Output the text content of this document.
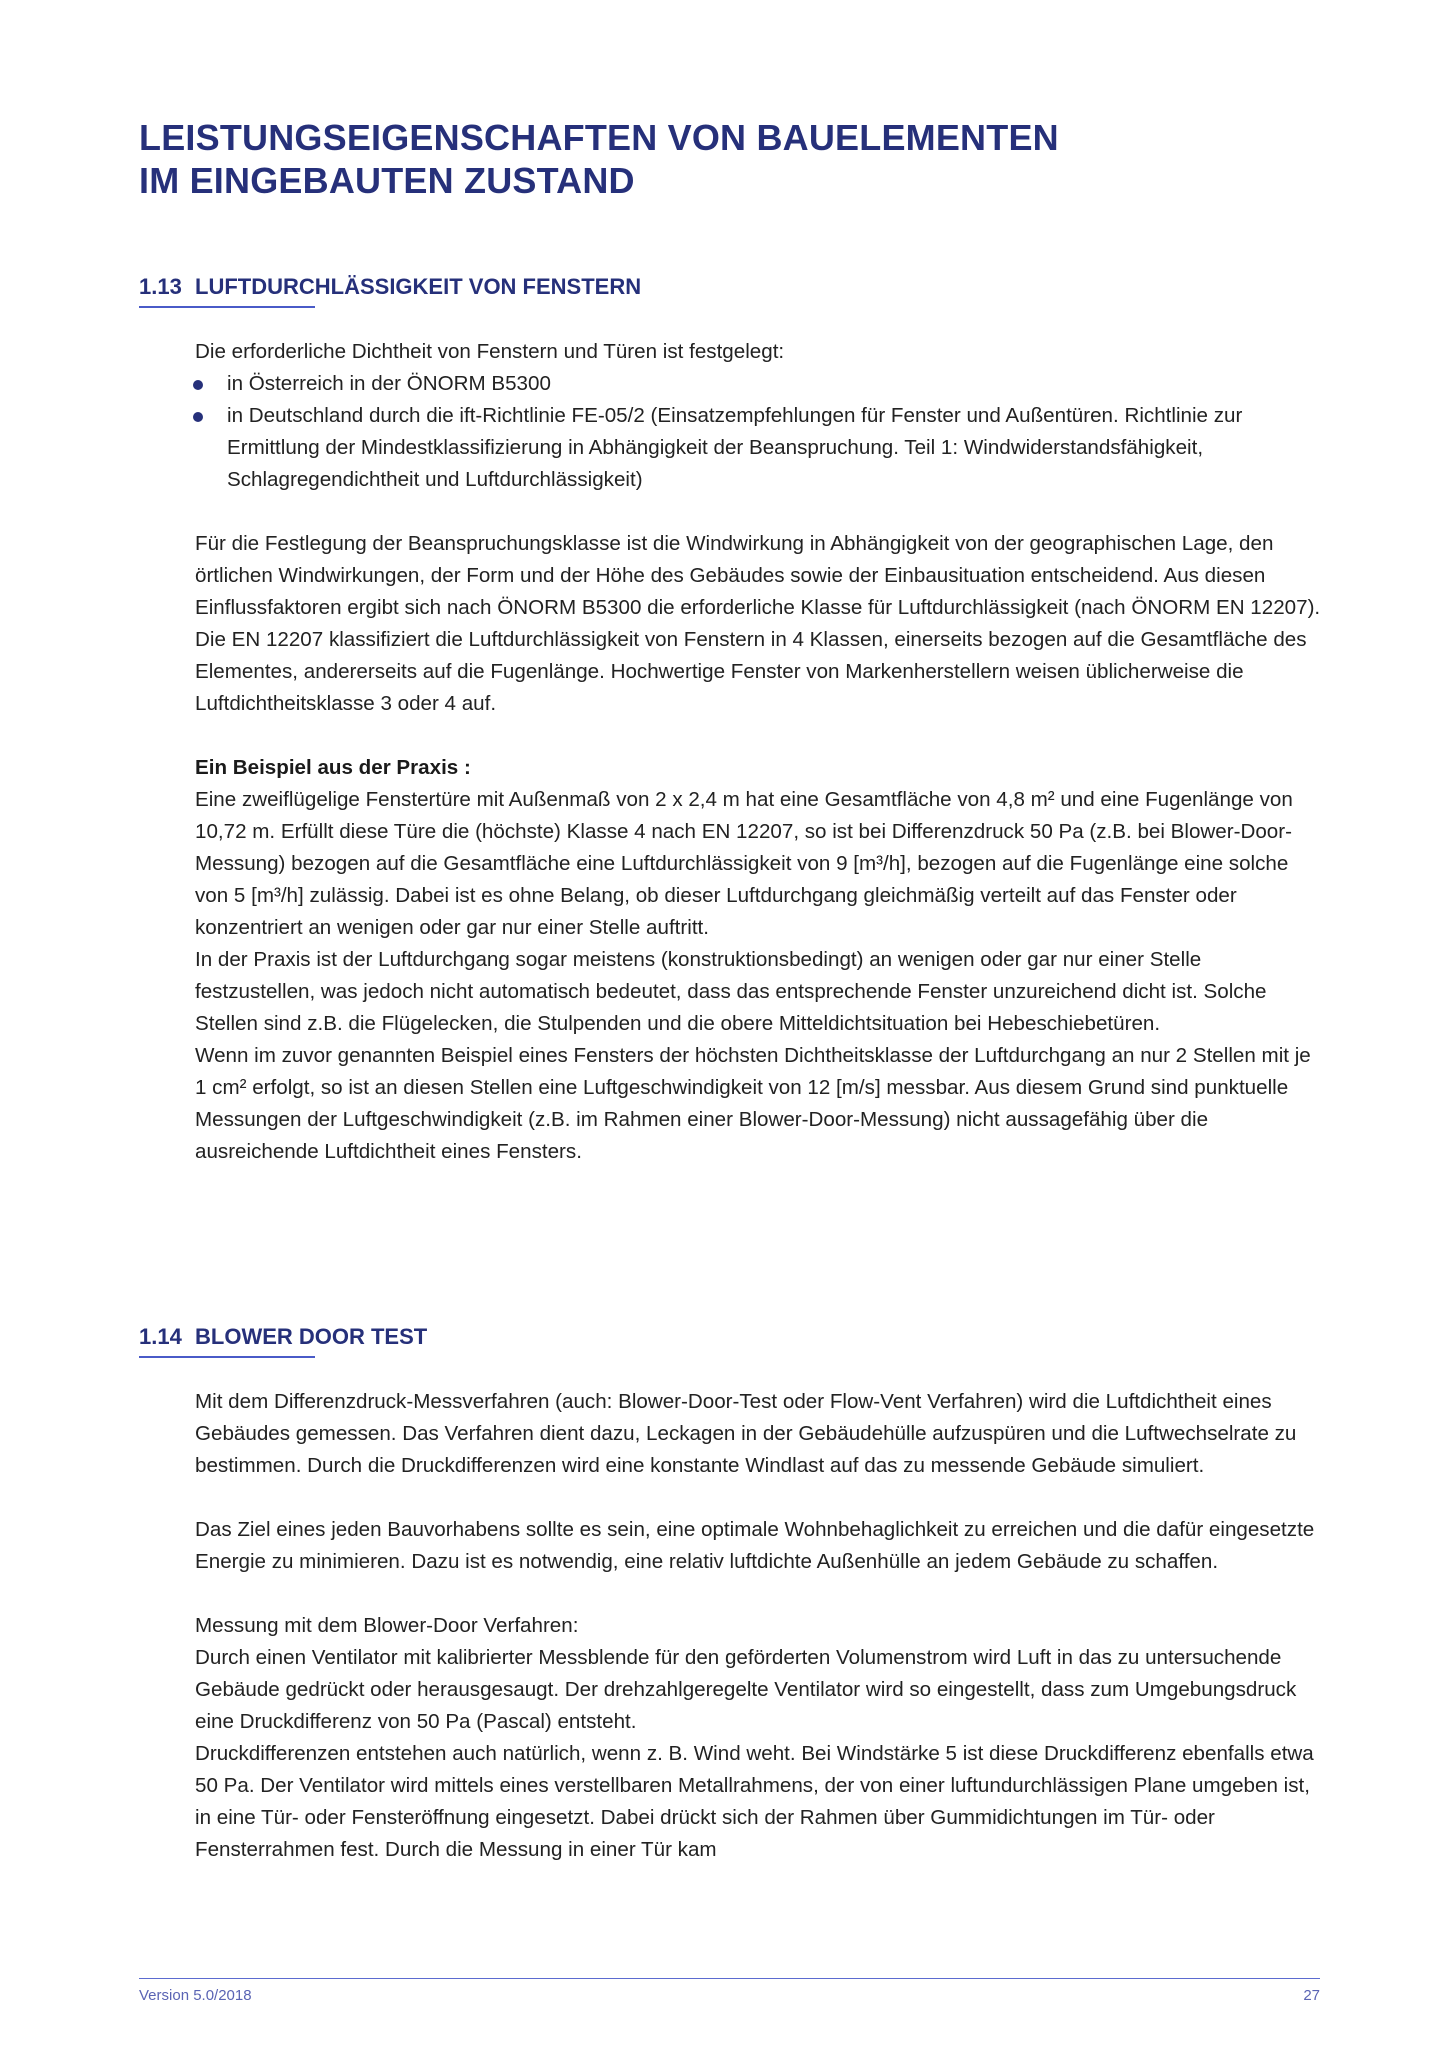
LEISTUNGSEIGENSCHAFTEN VON BAUELEMENTEN
IM EINGEBAUTEN ZUSTAND
1.13 LUFTDURCHLÄSSIGKEIT VON FENSTERN

Die erforderliche Dichtheit von Fenstern und Türen ist festgelegt:

in Österreich in der ÖNORM B5300
in Deutschland durch die ift-Richtlinie FE-05/2 (Einsatzempfehlungen für Fenster und Außentüren. Richtlinie zur Ermittlung der Mindestklassifizierung in Abhängigkeit der Beanspruchung. Teil 1: Windwiderstandsfähigkeit, Schlagregendichtheit und Luftdurchlässigkeit)

Für die Festlegung der Beanspruchungsklasse ist die Windwirkung in Abhängigkeit von der geographischen Lage, den örtlichen Windwirkungen, der Form und der Höhe des Gebäudes sowie der Einbausituation entscheidend. Aus diesen Einflussfaktoren ergibt sich nach ÖNORM B5300 die erforderliche Klasse für Luftdurchlässigkeit (nach ÖNORM EN 12207). Die EN 12207 klassifiziert die Luftdurchlässigkeit von Fenstern in 4 Klassen, einerseits bezogen auf die Gesamtfläche des Elementes, andererseits auf die Fugenlänge. Hochwertige Fenster von Markenherstellern weisen üblicherweise die Luftdichtheitsklasse 3 oder 4 auf.

Ein Beispiel aus der Praxis :

Eine zweiflügelige Fenstertüre mit Außenmaß von 2 x 2,4 m hat eine Gesamtfläche von 4,8 m² und eine Fugenlänge von 10,72 m. Erfüllt diese Türe die (höchste) Klasse 4 nach EN 12207, so ist bei Differenzdruck 50 Pa (z.B. bei Blower-Door-Messung) bezogen auf die Gesamtfläche eine Luftdurchlässigkeit von 9 [m³/h], bezogen auf die Fugenlänge eine solche von 5 [m³/h] zulässig. Dabei ist es ohne Belang, ob dieser Luftdurchgang gleichmäßig verteilt auf das Fenster oder konzentriert an wenigen oder gar nur einer Stelle auftritt.

In der Praxis ist der Luftdurchgang sogar meistens (konstruktionsbedingt) an wenigen oder gar nur einer Stelle festzustellen, was jedoch nicht automatisch bedeutet, dass das entsprechende Fenster unzureichend dicht ist. Solche Stellen sind z.B. die Flügelecken, die Stulpenden und die obere Mitteldichtsituation bei Hebeschiebetüren.

Wenn im zuvor genannten Beispiel eines Fensters der höchsten Dichtheitsklasse der Luftdurchgang an nur 2 Stellen mit je 1 cm² erfolgt, so ist an diesen Stellen eine Luftgeschwindigkeit von 12 [m/s] messbar. Aus diesem Grund sind punktuelle Messungen der Luftgeschwindigkeit (z.B. im Rahmen einer Blower-Door-Messung) nicht aussagefähig über die ausreichende Luftdichtheit eines Fensters.

1.14 BLOWER DOOR TEST

Mit dem Differenzdruck-Messverfahren (auch: Blower-Door-Test oder Flow-Vent Verfahren) wird die Luftdichtheit eines Gebäudes gemessen. Das Verfahren dient dazu, Leckagen in der Gebäudehülle aufzuspüren und die Luftwechselrate zu bestimmen. Durch die Druckdifferenzen wird eine konstante Windlast auf das zu messende Gebäude simuliert.

Das Ziel eines jeden Bauvorhabens sollte es sein, eine optimale Wohnbehaglichkeit zu erreichen und die dafür eingesetzte Energie zu minimieren. Dazu ist es notwendig, eine relativ luftdichte Außenhülle an jedem Gebäude zu schaffen.

Messung mit dem Blower-Door Verfahren:

Durch einen Ventilator mit kalibrierter Messblende für den geförderten Volumenstrom wird Luft in das zu untersuchende Gebäude gedrückt oder herausgesaugt. Der drehzahlgeregelte Ventilator wird so eingestellt, dass zum Umgebungsdruck eine Druckdifferenz von 50 Pa (Pascal) entsteht.

Druckdifferenzen entstehen auch natürlich, wenn z. B. Wind weht. Bei Windstärke 5 ist diese Druckdifferenz ebenfalls etwa 50 Pa. Der Ventilator wird mittels eines verstellbaren Metallrahmens, der von einer luftundurchlässigen Plane umgeben ist, in eine Tür- oder Fensteröffnung eingesetzt. Dabei drückt sich der Rahmen über Gummidichtungen im Tür- oder Fensterrahmen fest. Durch die Messung in einer Tür kam

Version 5.0/2018	27
